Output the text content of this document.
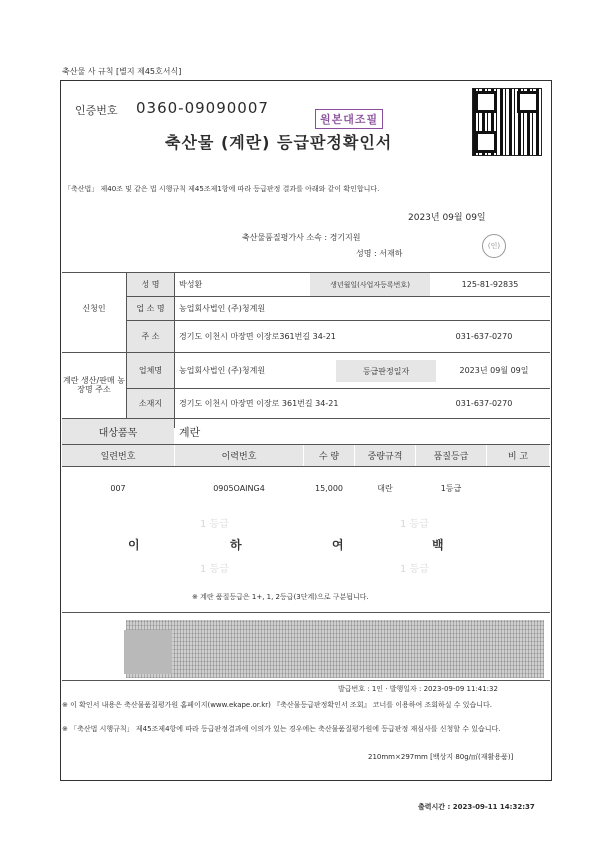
축산물 사 규칙 [별지 제45호서식]
인증번호 0360-09090007
원본대조필
축산물 (계란) 등급판정확인서
「축산법」 제40조 및 같은 법 시행규칙 제45조제1항에 따라 등급판정 결과를 아래와 같이 확인합니다.
2023년 09월 09일
축산물품질평가사 소속 : 경기지원
성명 : 서재하
(인)
신청인
성 명	박성환	생년월일(사업자등록번호)	125-81-92835
업 소 명	농업회사법인 (주)청계원
주 소	경기도 이천시 마장면 이장로361번길 34-21	031-637-0270
계란 생산/판매 농장명 주소
업체명	농업회사법인 (주)청계원	등급판정일자	2023년 09월 09일
소재지	경기도 이천시 마장면 이장로 361번길 34-21	031-637-0270
대상품목	계란
일련번호	이력번호	수 량	중량규격	품질등급	비 고
007	0905OAING4	15,000	대란	1등급
1 등급	1 등급
1 등급	1 등급
이	하	여	백
※ 계란 품질등급은 1+, 1, 2등급(3단계)으로 구분됩니다.
발급번호 : 1인 · 발행일자 : 2023-09-09 11:41:32
※ 이 확인서 내용은 축산물품질평가원 홈페이지(www.ekape.or.kr) 『축산물등급판정확인서 조회』 코너를 이용하여 조회하실 수 있습니다.
※ 「축산법 시행규칙」 제45조제4항에 따라 등급판정결과에 이의가 있는 경우에는 축산물품질평가원에 등급판정 재심사를 신청할 수 있습니다.
210mm×297mm [백상지 80g/㎡(재활용품)]
출력시간 : 2023-09-11 14:32:37
